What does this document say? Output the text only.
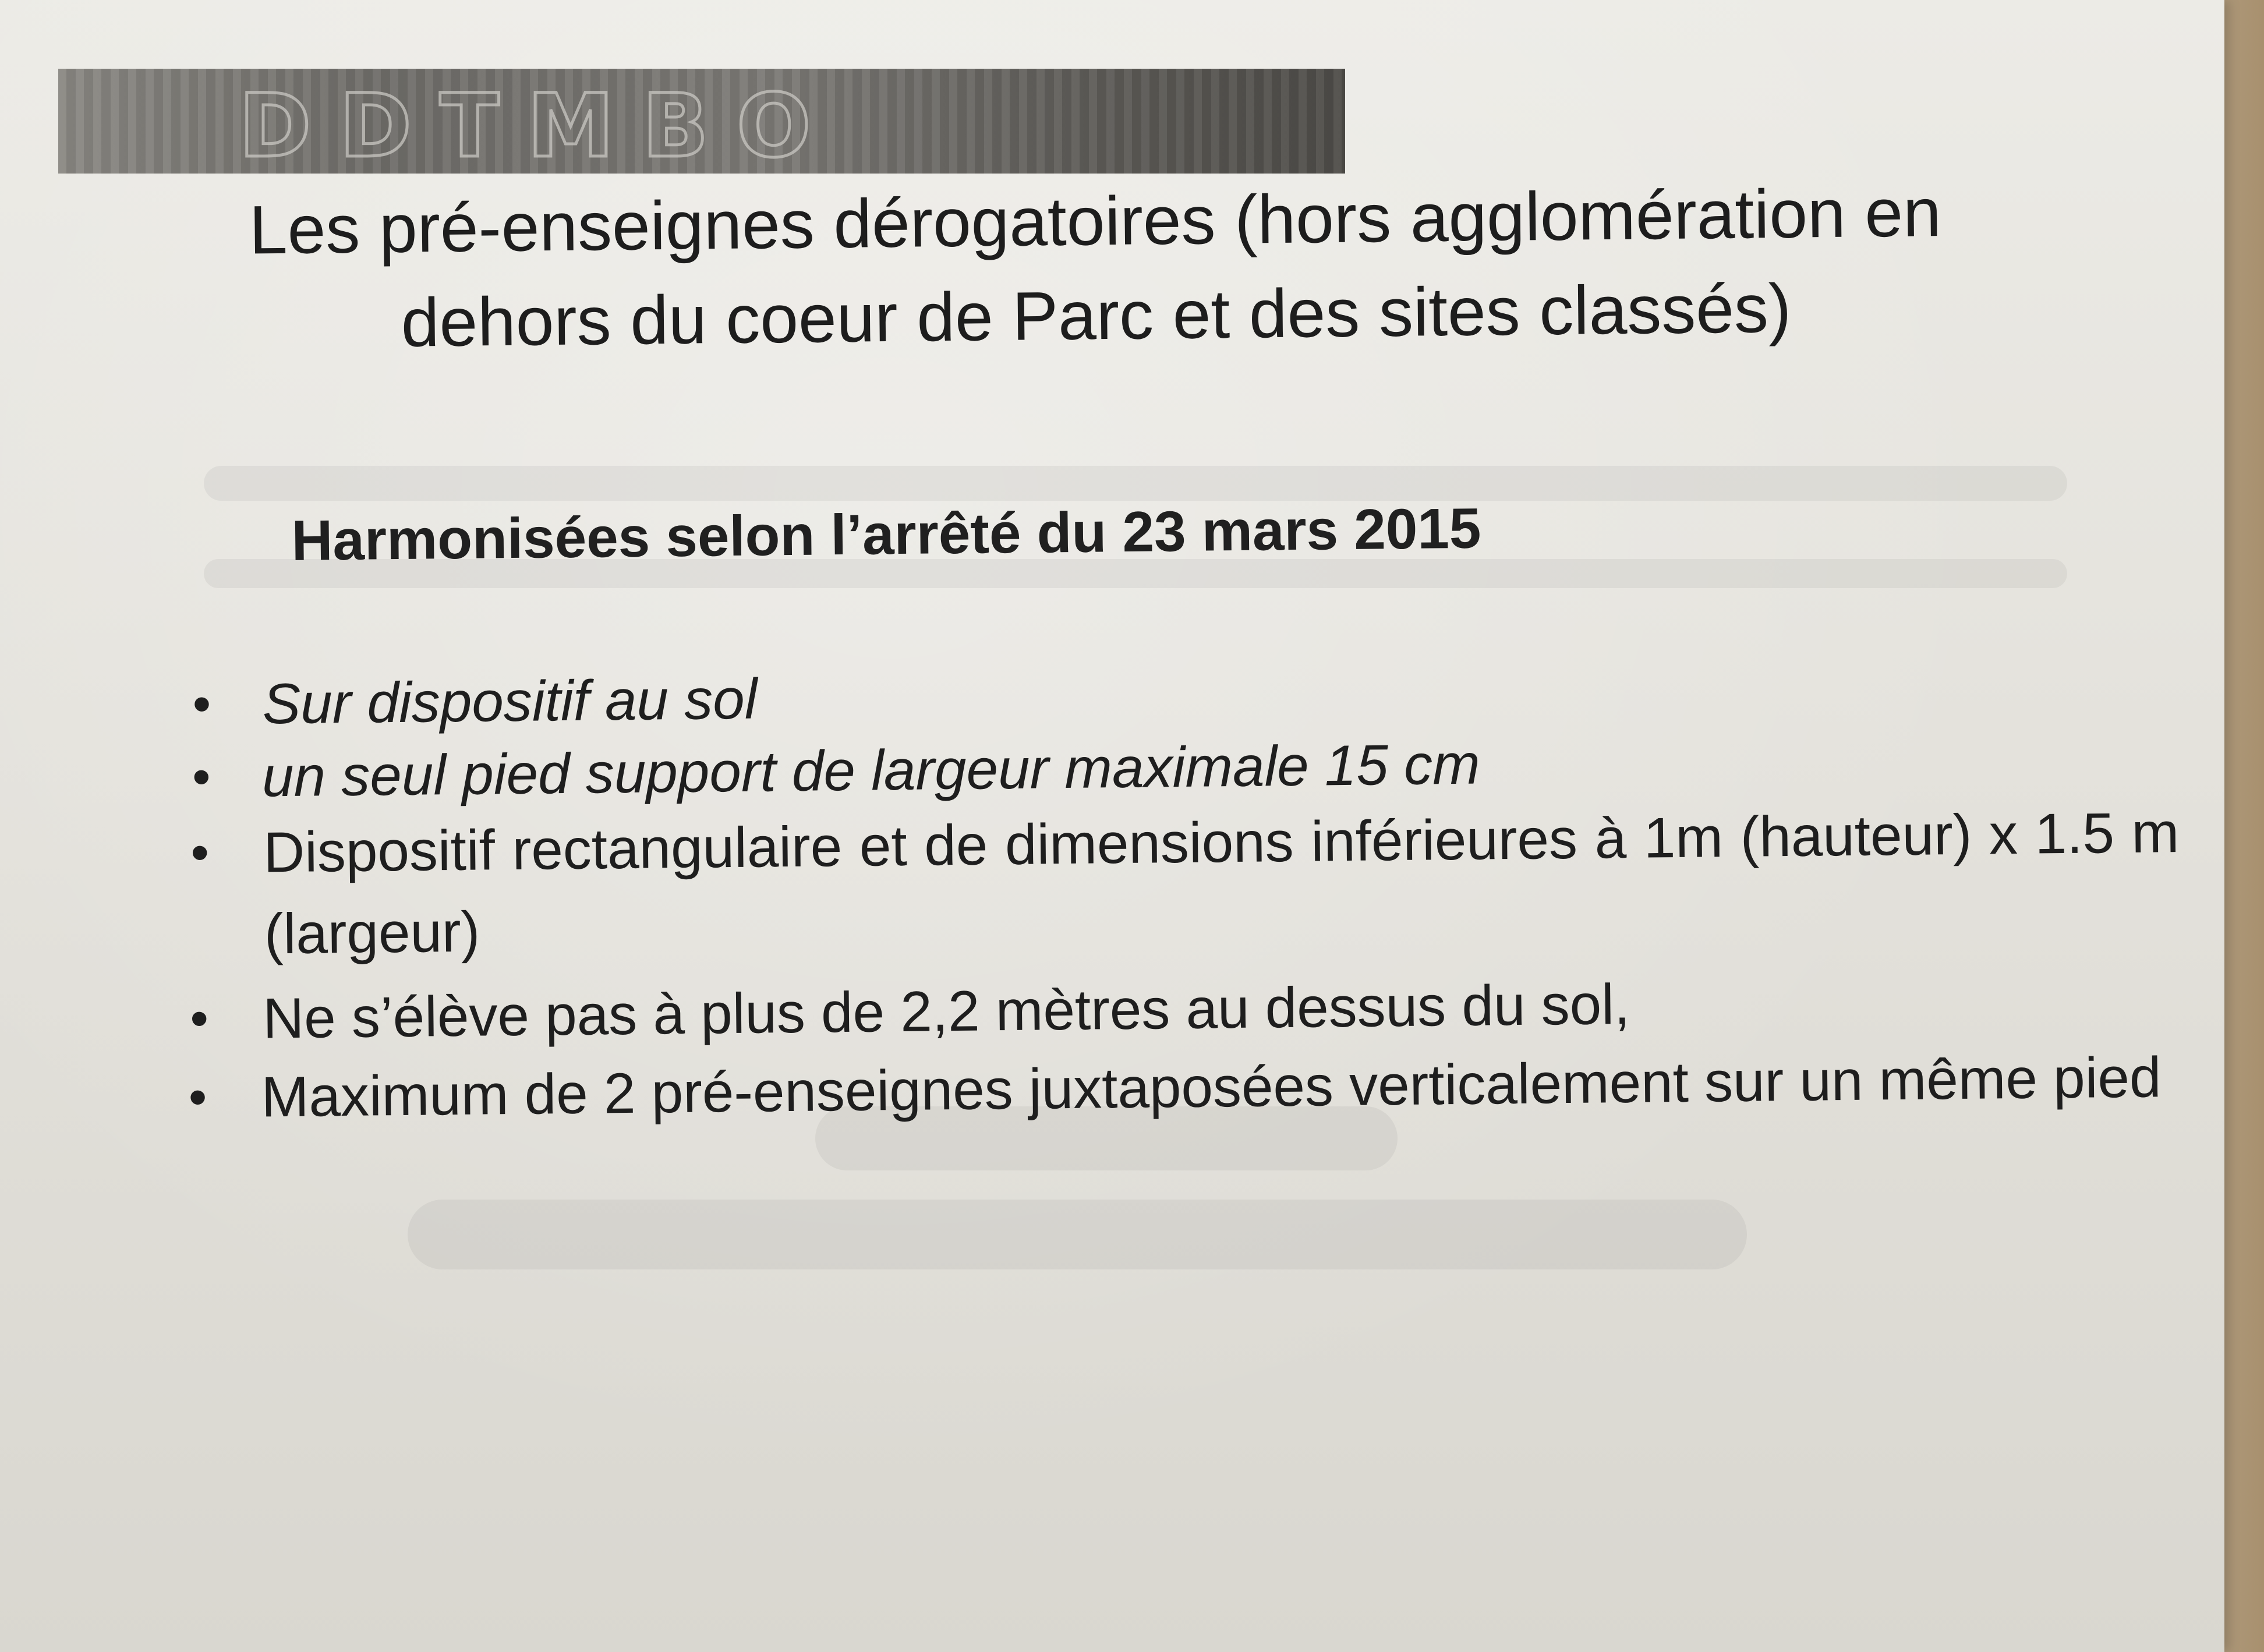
DDTMBO
Les pré-enseignes dérogatoires (hors agglomération en dehors du coeur de Parc et des sites classés)
Harmonisées selon l’arrêté du 23 mars 2015
• Sur dispositif au sol
• un seul pied support de largeur maximale 15 cm
• Dispositif rectangulaire et de dimensions inférieures à 1m (hauteur) x 1.5 m (largeur)
• Ne s’élève pas à plus de 2,2 mètres au dessus du sol,
• Maximum de 2 pré-enseignes juxtaposées verticalement sur un même pied
